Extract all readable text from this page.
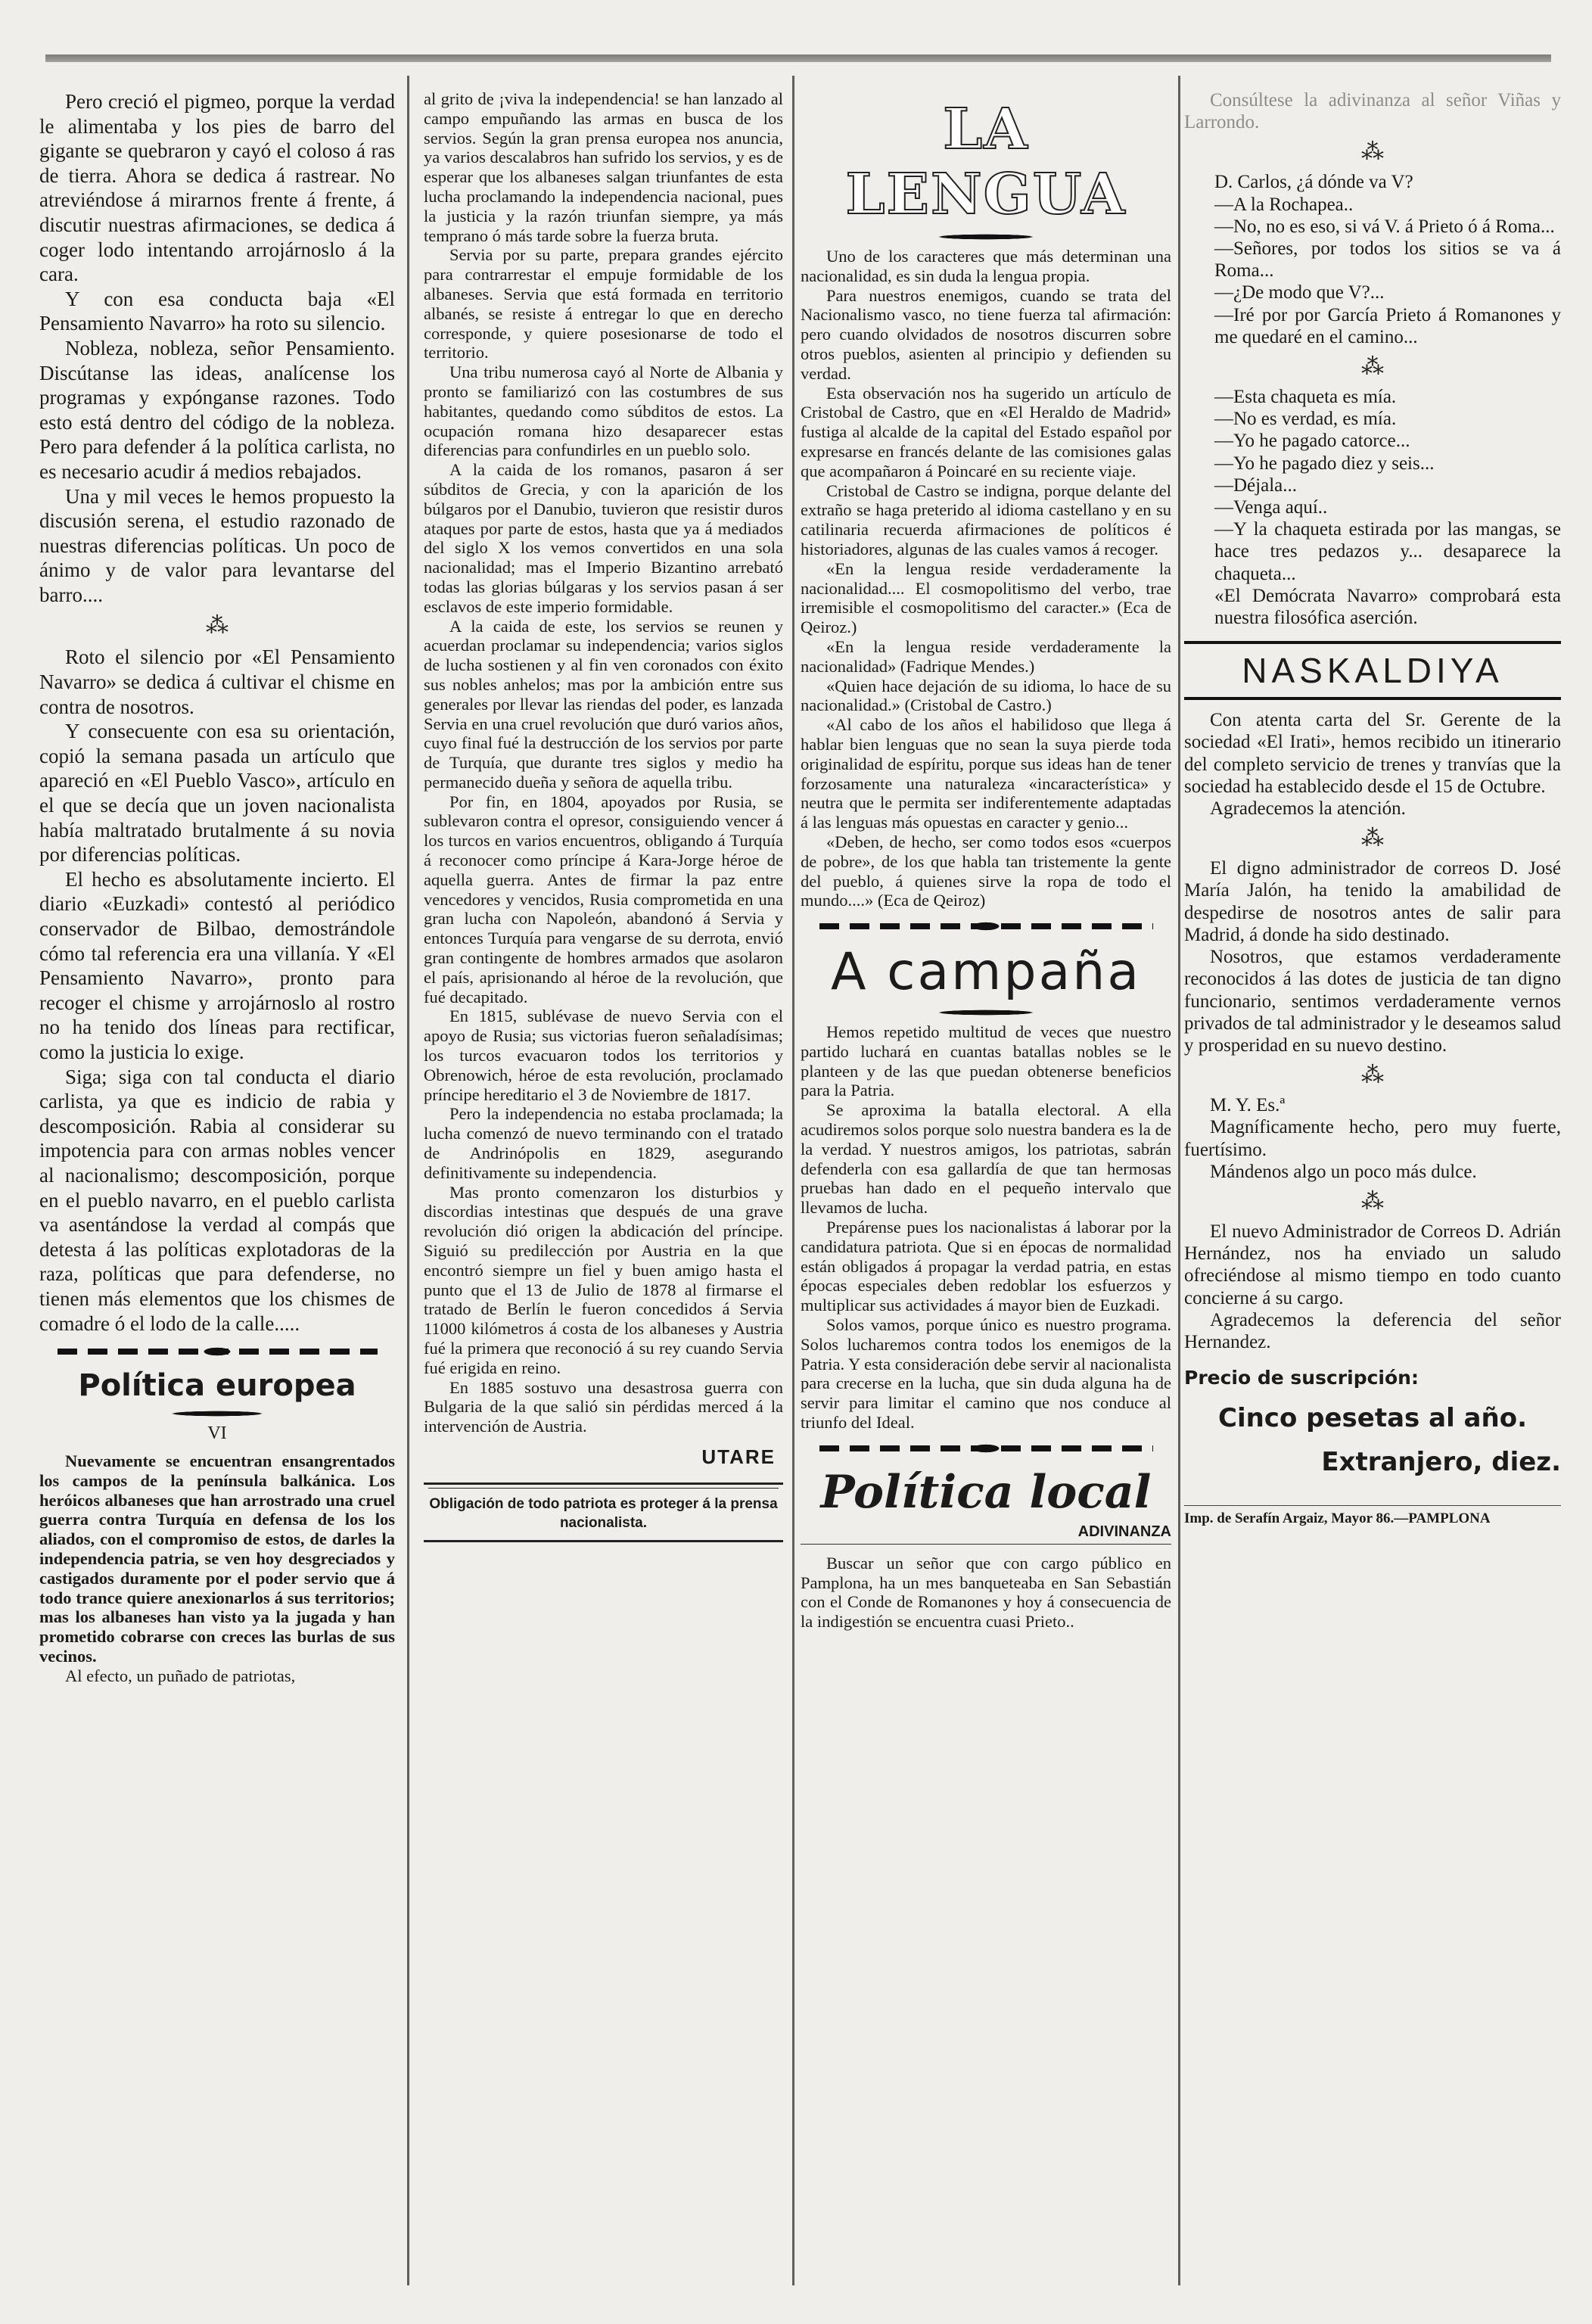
Pero creció el pigmeo, porque la verdad le alimentaba y los pies de barro del gigante se quebraron y cayó el coloso á ras de tierra. Ahora se dedica á rastrear. No atreviéndose á mirarnos frente á frente, á discutir nuestras afirmaciones, se dedica á coger lodo intentando arrojárnoslo á la cara.

Y con esa conducta baja «El Pensamiento Navarro» ha roto su silencio.

Nobleza, nobleza, señor Pensamiento. Discútanse las ideas, analícense los programas y expónganse razones. Todo esto está dentro del código de la nobleza. Pero para defender á la política carlista, no es necesario acudir á medios rebajados.

Una y mil veces le hemos propuesto la discusión serena, el estudio razonado de nuestras diferencias políticas. Un poco de ánimo y de valor para levantarse del barro....

⁂

Roto el silencio por «El Pensamiento Navarro» se dedica á cultivar el chisme en contra de nosotros.

Y consecuente con esa su orientación, copió la semana pasada un artículo que apareció en «El Pueblo Vasco», artículo en el que se decía que un joven nacionalista había maltratado brutalmente á su novia por diferencias políticas.

El hecho es absolutamente incierto. El diario «Euzkadi» contestó al periódico conservador de Bilbao, demostrándole cómo tal referencia era una villanía. Y «El Pensamiento Navarro», pronto para recoger el chisme y arrojárnoslo al rostro no ha tenido dos líneas para rectificar, como la justicia lo exige.

Siga; siga con tal conducta el diario carlista, ya que es indicio de rabia y descomposición. Rabia al considerar su impotencia para con armas nobles vencer al nacionalismo; descomposición, porque en el pueblo navarro, en el pueblo carlista va asentándose la verdad al compás que detesta á las políticas explotadoras de la raza, políticas que para defenderse, no tienen más elementos que los chismes de comadre ó el lodo de la calle.....

Política europea
VI

Nuevamente se encuentran ensangrentados los campos de la península balkánica. Los heróicos albaneses que han arrostrado una cruel guerra contra Turquía en defensa de los los aliados, con el compromiso de estos, de darles la independencia patria, se ven hoy desgreciados y castigados duramente por el poder servio que á todo trance quiere anexionarlos á sus territorios; mas los albaneses han visto ya la jugada y han prometido cobrarse con creces las burlas de sus vecinos.

Al efecto, un puñado de patriotas,

al grito de ¡viva la independencia! se han lanzado al campo empuñando las armas en busca de los servios. Según la gran prensa europea nos anuncia, ya varios descalabros han sufrido los servios, y es de esperar que los albaneses salgan triunfantes de esta lucha proclamando la independencia nacional, pues la justicia y la razón triunfan siempre, ya más temprano ó más tarde sobre la fuerza bruta.

Servia por su parte, prepara grandes ejército para contrarrestar el empuje formidable de los albaneses. Servia que está formada en territorio albanés, se resiste á entregar lo que en derecho corresponde, y quiere posesionarse de todo el territorio.

Una tribu numerosa cayó al Norte de Albania y pronto se familiarizó con las costumbres de sus habitantes, quedando como súbditos de estos. La ocupación romana hizo desaparecer estas diferencias para confundirles en un pueblo solo.

A la caida de los romanos, pasaron á ser súbditos de Grecia, y con la aparición de los búlgaros por el Danubio, tuvieron que resistir duros ataques por parte de estos, hasta que ya á mediados del siglo X los vemos convertidos en una sola nacionalidad; mas el Imperio Bizantino arrebató todas las glorias búlgaras y los servios pasan á ser esclavos de este imperio formidable.

A la caida de este, los servios se reunen y acuerdan proclamar su independencia; varios siglos de lucha sostienen y al fin ven coronados con éxito sus nobles anhelos; mas por la ambición entre sus generales por llevar las riendas del poder, es lanzada Servia en una cruel revolución que duró varios años, cuyo final fué la destrucción de los servios por parte de Turquía, que durante tres siglos y medio ha permanecido dueña y señora de aquella tribu.

Por fin, en 1804, apoyados por Rusia, se sublevaron contra el opresor, consiguiendo vencer á los turcos en varios encuentros, obligando á Turquía á reconocer como príncipe á Kara-Jorge héroe de aquella guerra. Antes de firmar la paz entre vencedores y vencidos, Rusia comprometida en una gran lucha con Napoleón, abandonó á Servia y entonces Turquía para vengarse de su derrota, envió gran contingente de hombres armados que asolaron el país, aprisionando al héroe de la revolución, que fué decapitado.

En 1815, sublévase de nuevo Servia con el apoyo de Rusia; sus victorias fueron señaladísimas; los turcos evacuaron todos los territorios y Obrenowich, héroe de esta revolución, proclamado príncipe hereditario el 3 de Noviembre de 1817.

Pero la independencia no estaba proclamada; la lucha comenzó de nuevo terminando con el tratado de Andrinópolis en 1829, asegurando definitivamente su independencia.

Mas pronto comenzaron los disturbios y discordias intestinas que después de una grave revolución dió origen la abdicación del príncipe. Siguió su predilección por Austria en la que encontró siempre un fiel y buen amigo hasta el punto que el 13 de Julio de 1878 al firmarse el tratado de Berlín le fueron concedidos á Servia 11000 kilómetros á costa de los albaneses y Austria fué la primera que reconoció á su rey cuando Servia fué erigida en reino.

En 1885 sostuvo una desastrosa guerra con Bulgaria de la que salió sin pérdidas merced á la intervención de Austria.

UTARE
Obligación de todo patriota es proteger á la prensa nacionalista.
LA LENGUA

Uno de los caracteres que más determinan una nacionalidad, es sin duda la lengua propia.

Para nuestros enemigos, cuando se trata del Nacionalismo vasco, no tiene fuerza tal afirmación: pero cuando olvidados de nosotros discurren sobre otros pueblos, asienten al principio y defienden su verdad.

Esta observación nos ha sugerido un artículo de Cristobal de Castro, que en «El Heraldo de Madrid» fustiga al alcalde de la capital del Estado español por expresarse en francés delante de las comisiones galas que acompañaron á Poincaré en su reciente viaje.

Cristobal de Castro se indigna, porque delante del extraño se haga preterido al idioma castellano y en su catilinaria recuerda afirmaciones de políticos é historiadores, algunas de las cuales vamos á recoger.

«En la lengua reside verdaderamente la nacionalidad.... El cosmopolitismo del verbo, trae irremisible el cosmopolitismo del caracter.» (Eca de Qeiroz.)

«En la lengua reside verdaderamente la nacionalidad» (Fadrique Mendes.)

«Quien hace dejación de su idioma, lo hace de su nacionalidad.» (Cristobal de Castro.)

«Al cabo de los años el habilidoso que llega á hablar bien lenguas que no sean la suya pierde toda originalidad de espíritu, porque sus ideas han de tener forzosamente una naturaleza «incaracterística» y neutra que le permita ser indiferentemente adaptadas á las lenguas más opuestas en caracter y genio...

«Deben, de hecho, ser como todos esos «cuerpos de pobre», de los que habla tan tristemente la gente del pueblo, á quienes sirve la ropa de todo el mundo....» (Eca de Qeiroz)

A campaña

Hemos repetido multitud de veces que nuestro partido luchará en cuantas batallas nobles se le planteen y de las que puedan obtenerse beneficios para la Patria.

Se aproxima la batalla electoral. A ella acudiremos solos porque solo nuestra bandera es la de la verdad. Y nuestros amigos, los patriotas, sabrán defenderla con esa gallardía de que tan hermosas pruebas han dado en el pequeño intervalo que llevamos de lucha.

Prepárense pues los nacionalistas á laborar por la candidatura patriota. Que si en épocas de normalidad están obligados á propagar la verdad patria, en estas épocas especiales deben redoblar los esfuerzos y multiplicar sus actividades á mayor bien de Euzkadi.

Solos vamos, porque único es nuestro programa. Solos lucharemos contra todos los enemigos de la Patria. Y esta consideración debe servir al nacionalista para crecerse en la lucha, que sin duda alguna ha de servir para limitar el camino que nos conduce al triunfo del Ideal.

Política local
ADIVINANZA

Buscar un señor que con cargo público en Pamplona, ha un mes banqueteaba en San Sebastián con el Conde de Romanones y hoy á consecuencia de la indigestión se encuentra cuasi Prieto..

Consúltese la adivinanza al señor Viñas y Larrondo.

⁂

D. Carlos, ¿á dónde va V?

—A la Rochapea..

—No, no es eso, si vá V. á Prieto ó á Roma...

—Señores, por todos los sitios se va á Roma...

—¿De modo que V?...

—Iré por por García Prieto á Romanones y me quedaré en el camino...

⁂

—Esta chaqueta es mía.

—No es verdad, es mía.

—Yo he pagado catorce...

—Yo he pagado diez y seis...

—Déjala...

—Venga aquí..

—Y la chaqueta estirada por las mangas, se hace tres pedazos y... desaparece la chaqueta...

«El Demócrata Navarro» comprobará esta nuestra filosófica aserción.

NASKALDIYA

Con atenta carta del Sr. Gerente de la sociedad «El Irati», hemos recibido un itinerario del completo servicio de trenes y tranvías que la sociedad ha establecido desde el 15 de Octubre.

Agradecemos la atención.

⁂

El digno administrador de correos D. José María Jalón, ha tenido la amabilidad de despedirse de nosotros antes de salir para Madrid, á donde ha sido destinado.

Nosotros, que estamos verdaderamente reconocidos á las dotes de justicia de tan digno funcionario, sentimos verdaderamente vernos privados de tal administrador y le deseamos salud y prosperidad en su nuevo destino.

⁂

M. Y. Es.ª

Magníficamente hecho, pero muy fuerte, fuertísimo.

Mándenos algo un poco más dulce.

⁂

El nuevo Administrador de Correos D. Adrián Hernández, nos ha enviado un saludo ofreciéndose al mismo tiempo en todo cuanto concierne á su cargo.

Agradecemos la deferencia del señor Hernandez.

Precio de suscripción:
Cinco pesetas al año.
Extranjero, diez.
Imp. de Serafín Argaiz, Mayor 86.—PAMPLONA
